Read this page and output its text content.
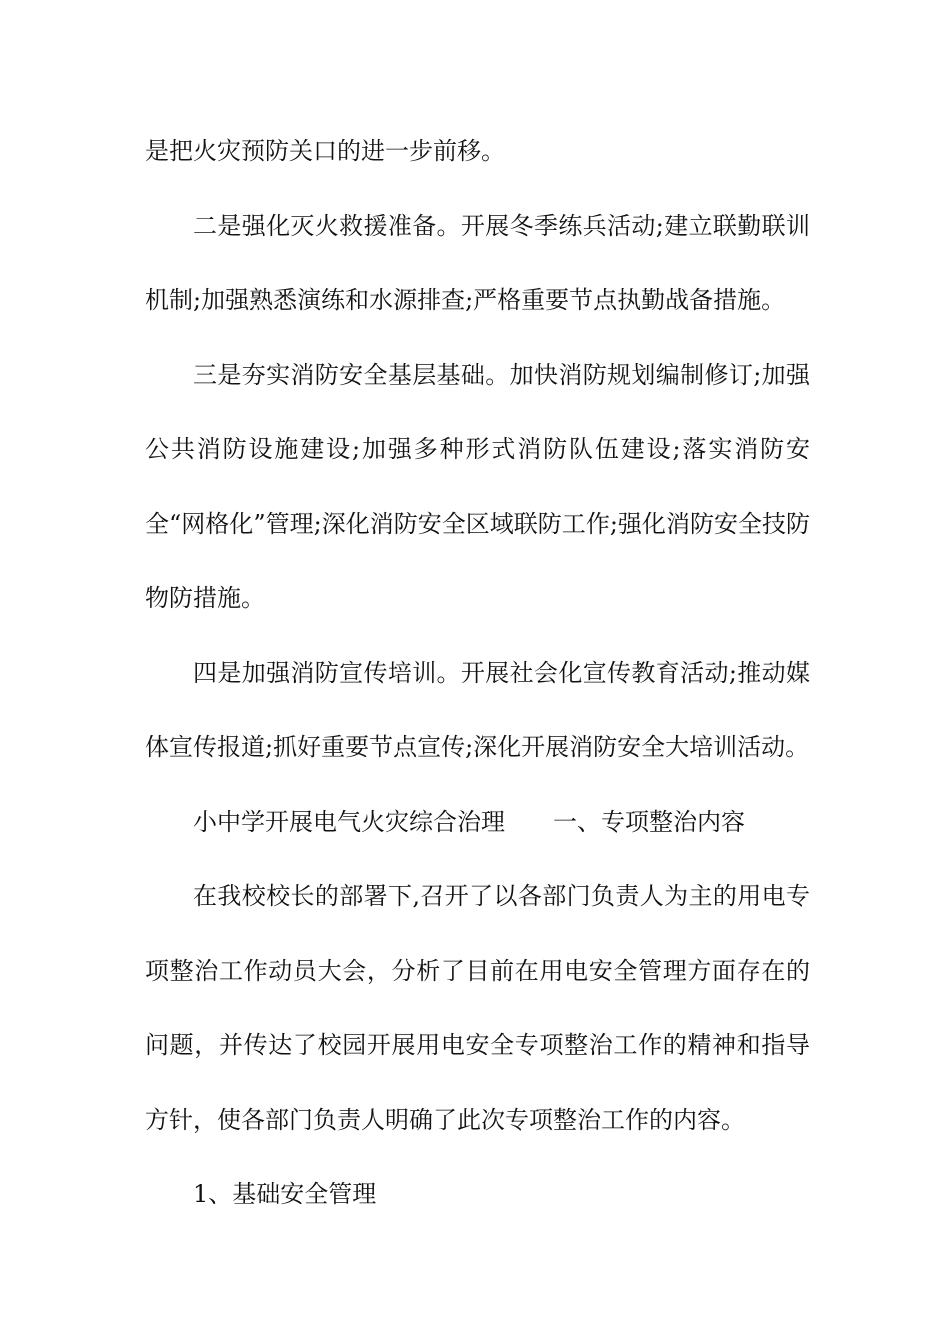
是把火灾预防关口的进一步前移。

二是强化灭火救援准备。开展冬季练兵活动;建立联勤联训机制;加强熟悉演练和水源排查;严格重要节点执勤战备措施。

三是夯实消防安全基层基础。加快消防规划编制修订;加强公共消防设施建设;加强多种形式消防队伍建设;落实消防安全“网格化”管理;深化消防安全区域联防工作;强化消防安全技防物防措施。

四是加强消防宣传培训。开展社会化宣传教育活动;推动媒体宣传报道;抓好重要节点宣传;深化开展消防安全大培训活动。

小中学开展电气火灾综合治理 一、专项整治内容

在我校校长的部署下,召开了以各部门负责人为主的用电专项整治工作动员大会，分析了目前在用电安全管理方面存在的问题，并传达了校园开展用电安全专项整治工作的精神和指导方针，使各部门负责人明确了此次专项整治工作的内容。

1、基础安全管理
